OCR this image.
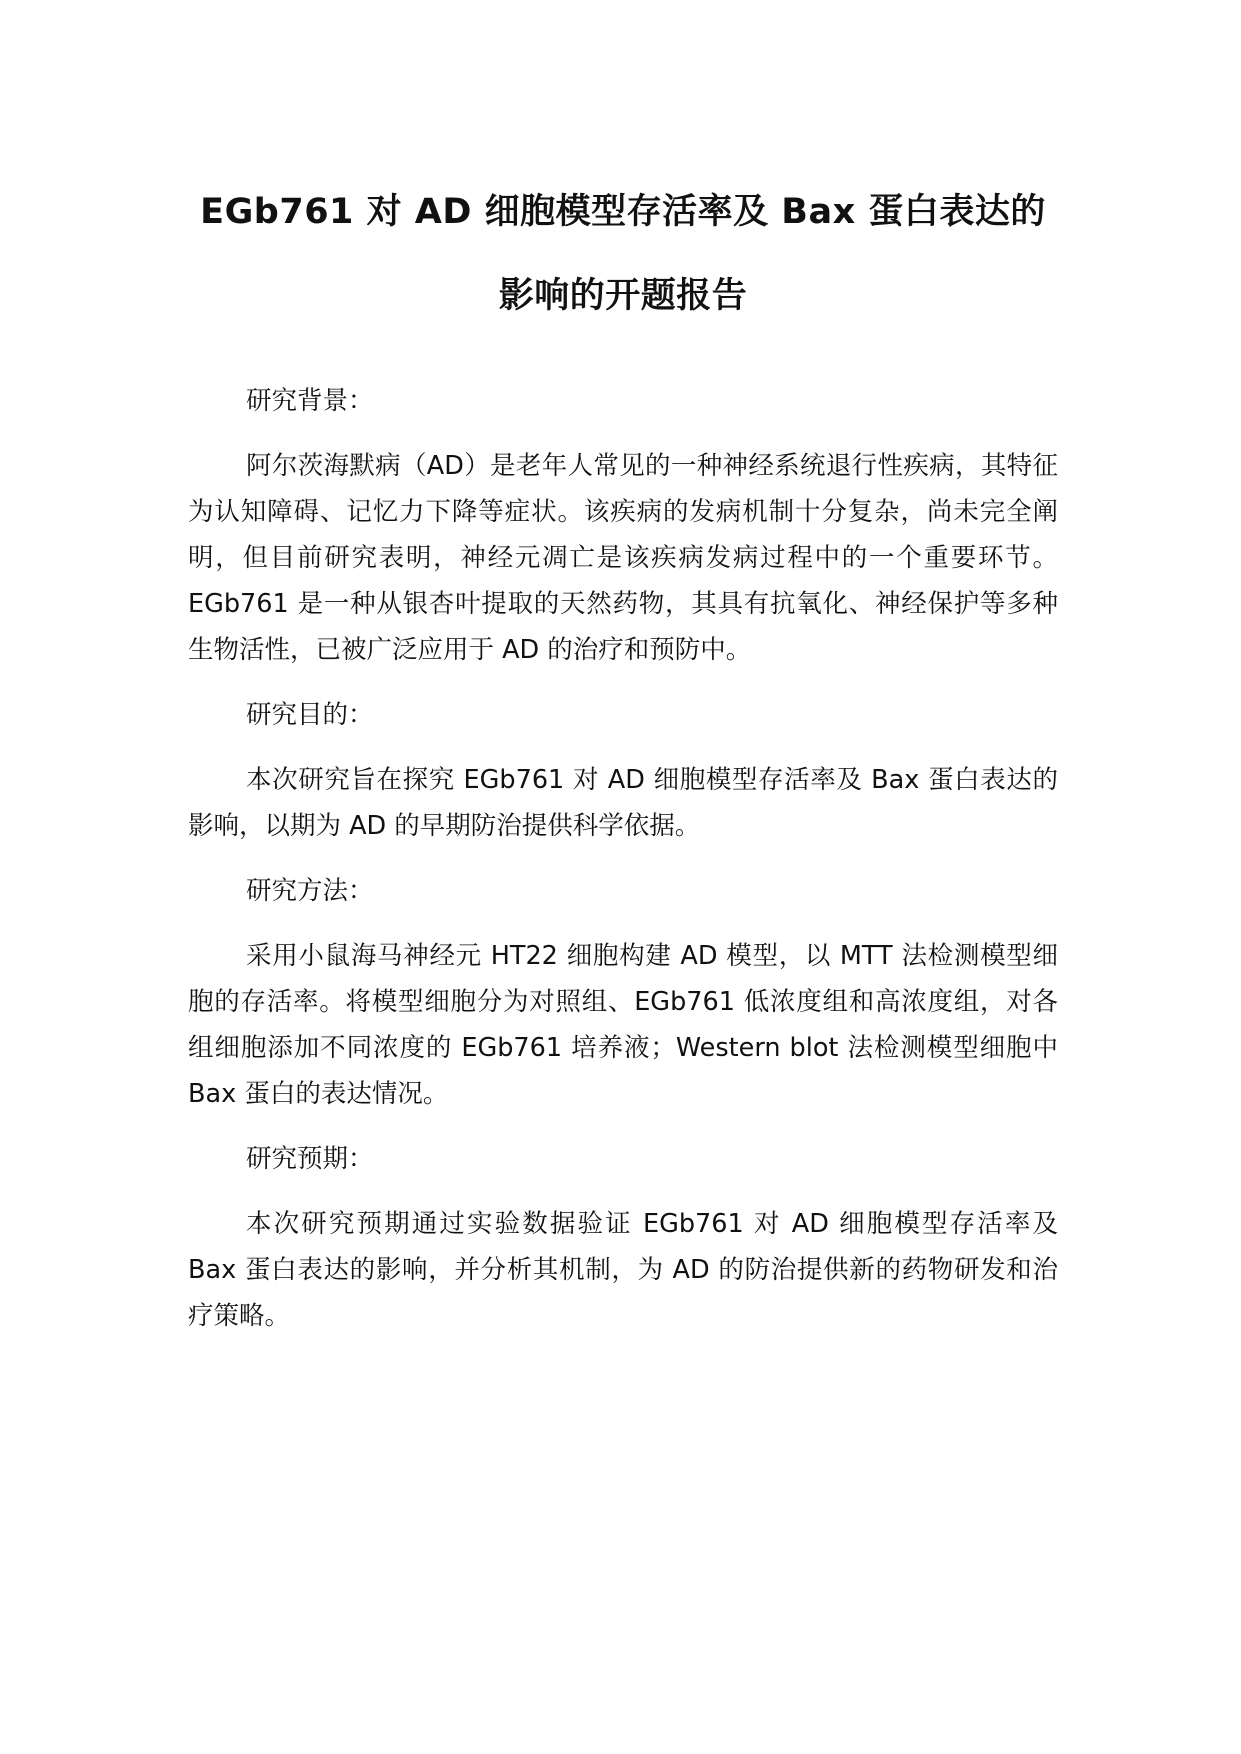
EGb761 对 AD 细胞模型存活率及 Bax 蛋白表达的
影响的开题报告

研究背景：

阿尔茨海默病（AD）是老年人常见的一种神经系统退行性疾病，其特征为认知障碍、记忆力下降等症状。该疾病的发病机制十分复杂，尚未完全阐明，但目前研究表明，神经元凋亡是该疾病发病过程中的一个重要环节。EGb761 是一种从银杏叶提取的天然药物，其具有抗氧化、神经保护等多种生物活性，已被广泛应用于 AD 的治疗和预防中。

研究目的：

本次研究旨在探究 EGb761 对 AD 细胞模型存活率及 Bax 蛋白表达的影响，以期为 AD 的早期防治提供科学依据。

研究方法：

采用小鼠海马神经元 HT22 细胞构建 AD 模型，以 MTT 法检测模型细胞的存活率。将模型细胞分为对照组、EGb761 低浓度组和高浓度组，对各组细胞添加不同浓度的 EGb761 培养液；Western blot 法检测模型细胞中 Bax 蛋白的表达情况。

研究预期：

本次研究预期通过实验数据验证 EGb761 对 AD 细胞模型存活率及 Bax 蛋白表达的影响，并分析其机制，为 AD 的防治提供新的药物研发和治疗策略。
